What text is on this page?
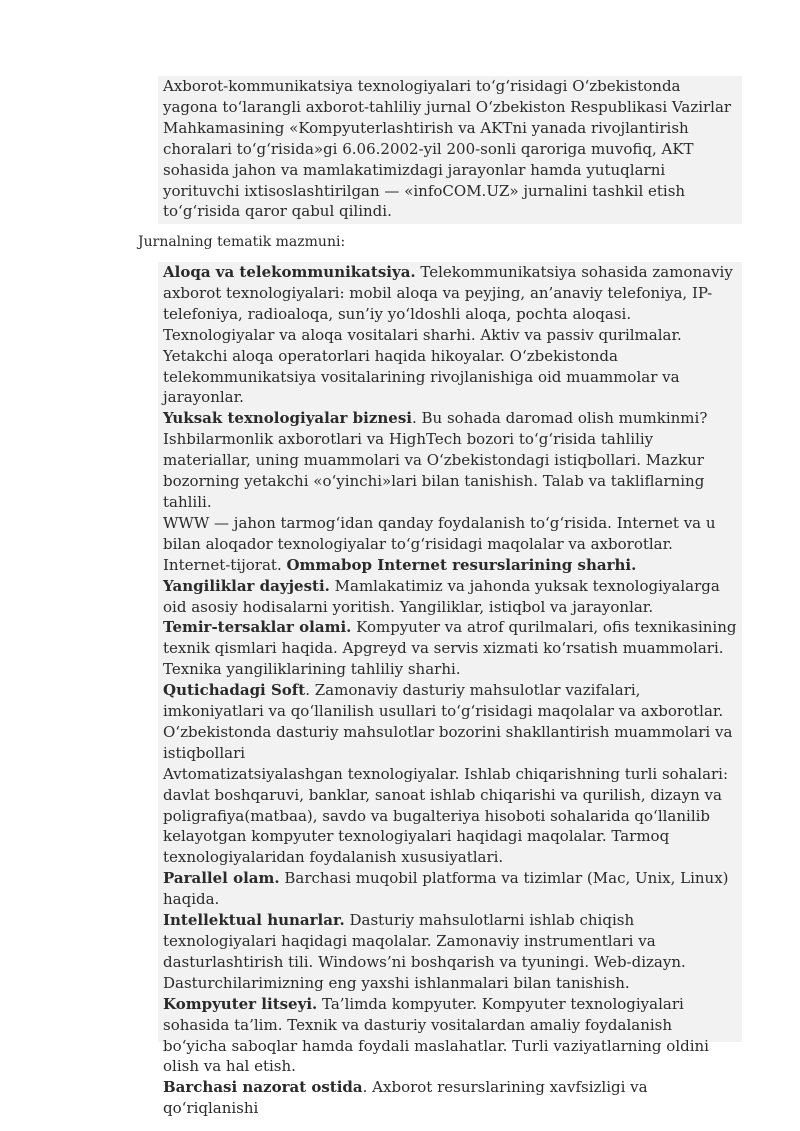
Axborot-kommunikatsiya texnologiyalari to‘g‘risidagi O‘zbekistonda yagona to‘larangli axborot-tahliliy jurnal O‘zbekiston Respublikasi Vazirlar Mahkamasining «Kompyuterlashtirish va AKTni yanada rivojlantirish choralari to‘g‘risida»gi 6.06.2002-yil 200-sonli qaroriga muvofiq, AKT sohasida jahon va mamlakatimizdagi jarayonlar hamda yutuqlarni yorituvchi ixtisoslashtirilgan — «infoCOM.UZ» jurnalini tashkil etish to‘g‘risida qaror qabul qilindi.

Jurnalning tematik mazmuni:

Aloqa va telekommunikatsiya. Telekommunikatsiya sohasida zamonaviy axborot texnologiyalari: mobil aloqa va peyjing, an’anaviy telefoniya, IP-telefoniya, radioaloqa, sun’iy yo‘ldoshli aloqa, pochta aloqasi. Texnologiyalar va aloqa vositalari sharhi. Aktiv va passiv qurilmalar. Yetakchi aloqa operatorlari haqida hikoyalar. O‘zbekistonda telekommunikatsiya vositalarining rivojlanishiga oid muammolar va jarayonlar.

Yuksak texnologiyalar biznesi. Bu sohada daromad olish mumkinmi? Ishbilarmonlik axborotlari va HighTech bozori to‘g‘risida tahliliy materiallar, uning muammolari va O‘zbekistondagi istiqbollari. Mazkur bozorning yetakchi «o‘yinchi»lari bilan tanishish. Talab va takliflarning tahlili.

WWW — jahon tarmog‘idan qanday foydalanish to‘g‘risida. Internet va u bilan aloqador texnologiyalar to‘g‘risidagi maqolalar va axborotlar. Internet-tijorat. Ommabop Internet resurslarining sharhi.

Yangiliklar dayjesti. Mamlakatimiz va jahonda yuksak texnologiyalarga oid asosiy hodisalarni yoritish. Yangiliklar, istiqbol va jarayonlar.

Temir-tersaklar olami. Kompyuter va atrof qurilmalari, ofis texnikasining texnik qismlari haqida. Apgreyd va servis xizmati ko‘rsatish muammolari. Texnika yangiliklarining tahliliy sharhi.

Qutichadagi Soft. Zamonaviy dasturiy mahsulotlar vazifalari, imkoniyatlari va qo‘llanilish usullari to‘g‘risidagi maqolalar va axborotlar.

O‘zbekistonda dasturiy mahsulotlar bozorini shakllantirish muammolari va istiqbollari

Avtomatizatsiyalashgan texnologiyalar. Ishlab chiqarishning turli sohalari: davlat boshqaruvi, banklar, sanoat ishlab chiqarishi va qurilish, dizayn va poligrafiya(matbaa), savdo va bugalteriya hisoboti sohalarida qo‘llanilib kelayotgan kompyuter texnologiyalari haqidagi maqolalar. Tarmoq texnologiyalaridan foydalanish xususiyatlari.

Parallel olam. Barchasi muqobil platforma va tizimlar (Mac, Unix, Linux) haqida.

Intellektual hunarlar. Dasturiy mahsulotlarni ishlab chiqish texnologiyalari haqidagi maqolalar. Zamonaviy instrumentlari va dasturlashtirish tili. Windows’ni boshqarish va tyuningi. Web-dizayn. Dasturchilarimizning eng yaxshi ishlanmalari bilan tanishish.

Kompyuter litseyi. Ta’limda kompyuter. Kompyuter texnologiyalari sohasida ta’lim. Texnik va dasturiy vositalardan amaliy foydalanish bo‘yicha saboqlar hamda foydali maslahatlar. Turli vaziyatlarning oldini olish va hal etish.

Barchasi nazorat ostida. Axborot resurslarining xavfsizligi va qo‘riqlanishi
